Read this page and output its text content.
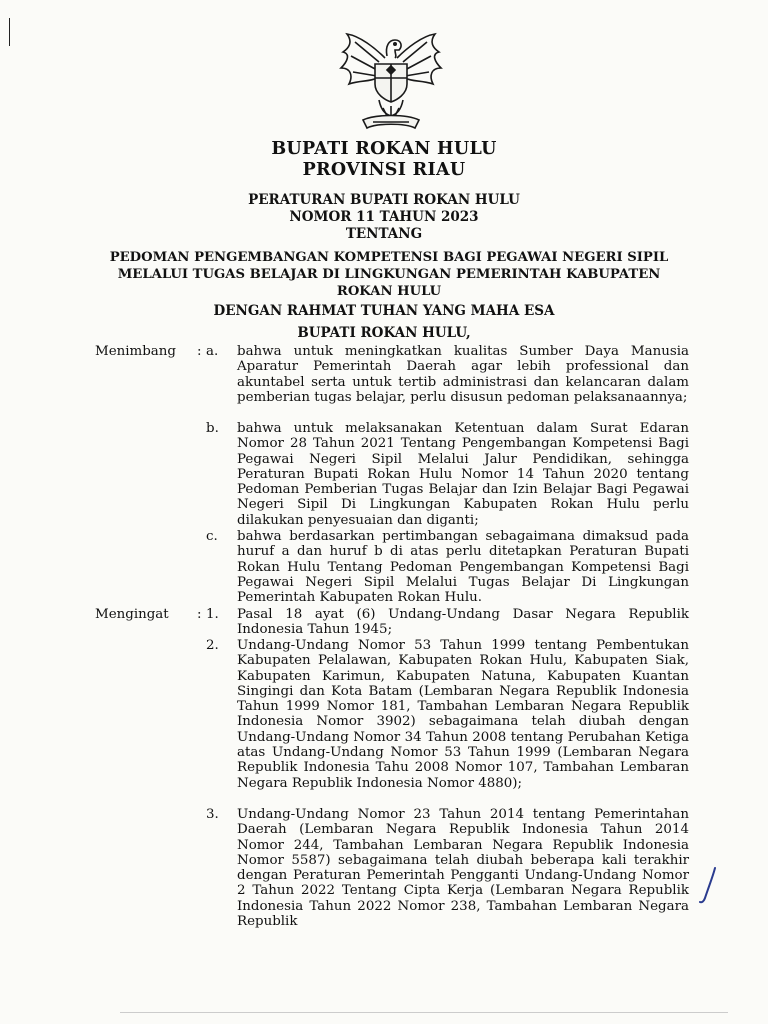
BUPATI ROKAN HULU

PROVINSI RIAU

PERATURAN BUPATI ROKAN HULU

NOMOR 11 TAHUN 2023

TENTANG

PEDOMAN PENGEMBANGAN KOMPETENSI BAGI PEGAWAI NEGERI SIPIL MELALUI TUGAS BELAJAR DI LINGKUNGAN PEMERINTAH KABUPATEN ROKAN HULU

DENGAN RAHMAT TUHAN YANG MAHA ESA

BUPATI ROKAN HULU,

Menimbang : a. bahwa untuk meningkatkan kualitas Sumber Daya Manusia Aparatur Pemerintah Daerah agar lebih professional dan akuntabel serta untuk tertib administrasi dan kelancaran dalam pemberian tugas belajar, perlu disusun pedoman pelaksanaannya;

b. bahwa untuk melaksanakan Ketentuan dalam Surat Edaran Nomor 28 Tahun 2021 Tentang Pengembangan Kompetensi Bagi Pegawai Negeri Sipil Melalui Jalur Pendidikan, sehingga Peraturan Bupati Rokan Hulu Nomor 14 Tahun 2020 tentang Pedoman Pemberian Tugas Belajar dan Izin Belajar Bagi Pegawai Negeri Sipil Di Lingkungan Kabupaten Rokan Hulu perlu dilakukan penyesuaian dan diganti;

c. bahwa berdasarkan pertimbangan sebagaimana dimaksud pada huruf a dan huruf b di atas perlu ditetapkan Peraturan Bupati Rokan Hulu Tentang Pedoman Pengembangan Kompetensi Bagi Pegawai Negeri Sipil Melalui Tugas Belajar Di Lingkungan Pemerintah Kabupaten Rokan Hulu.

Mengingat : 1. Pasal 18 ayat (6) Undang-Undang Dasar Negara Republik Indonesia Tahun 1945;

2. Undang-Undang Nomor 53 Tahun 1999 tentang Pembentukan Kabupaten Pelalawan, Kabupaten Rokan Hulu, Kabupaten Siak, Kabupaten Karimun, Kabupaten Natuna, Kabupaten Kuantan Singingi dan Kota Batam (Lembaran Negara Republik Indonesia Tahun 1999 Nomor 181, Tambahan Lembaran Negara Republik Indonesia Nomor 3902) sebagaimana telah diubah dengan Undang-Undang Nomor 34 Tahun 2008 tentang Perubahan Ketiga atas Undang-Undang Nomor 53 Tahun 1999 (Lembaran Negara Republik Indonesia Tahu 2008 Nomor 107, Tambahan Lembaran Negara Republik Indonesia Nomor 4880);

3. Undang-Undang Nomor 23 Tahun 2014 tentang Pemerintahan Daerah (Lembaran Negara Republik Indonesia Tahun 2014 Nomor 244, Tambahan Lembaran Negara Republik Indonesia Nomor 5587) sebagaimana telah diubah beberapa kali terakhir dengan Peraturan Pemerintah Pengganti Undang-Undang Nomor 2 Tahun 2022 Tentang Cipta Kerja (Lembaran Negara Republik Indonesia Tahun 2022 Nomor 238, Tambahan Lembaran Negara Republik
